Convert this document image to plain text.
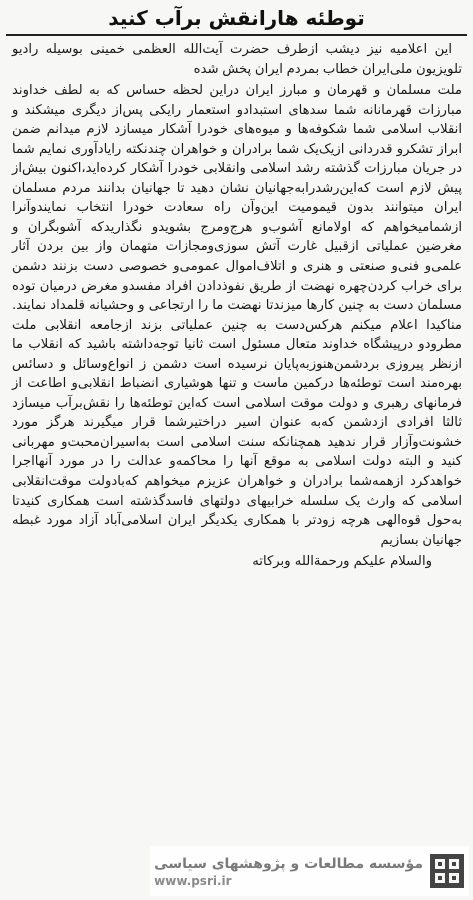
توطئه هارانقش برآب کنید

این اعلامیه نیز دیشب ازطرف حضرت آیت‌الله العظمی خمینی بوسیله رادیو تلویزیون ملی‌ایران خطاب بمردم ایران پخش شده

ملت مسلمان و قهرمان و مبارز ایران دراین لحظه حساس که به لطف خداوند مبارزات قهرمانانه شما سدهای استبدادو استعمار رایکی پس‌از دیگری میشکند و انقلاب اسلامی شما شکوفه‌ها و میوه‌های خودرا آشکار میسازد لازم میدانم ضمن ابراز تشکرو قدردانی ازیک‌یک شما برادران و خواهران چندنکته رایادآوری نمایم شما در جریان مبارزات گذشته رشد اسلامی وانقلابی خودرا آشکار کرده‌اید،اکنون بیش‌از پیش لازم است که‌این‌رشدرابه‌جهانیان نشان دهید تا جهانیان بدانند مردم مسلمان ایران میتوانند بدون قیمومیت این‌وآن راه سعادت خودرا انتخاب نمایندوآنرا ازشمامیخواهم که اولامانع آشوب‌و هرج‌ومرج بشوید‌و نگذاریدکه آشوبگران و مغرضین عملیاتی ازقبیل غارت آتش سوزی‌ومجازات متهمان واز بین بردن آثار علمی‌و فنی‌و صنعتی و هنری و اتلاف‌اموال عمومی‌و خصوصی دست بزنند دشمن برای خراب کردن‌چهره نهضت از طریق نفوذدادن افراد مفسدو مغرض درمیان توده مسلمان دست به چنین کارها میزندتا نهضت ما را ارتجاعی و وحشیانه قلمداد نمایند. مناکیدا اعلام میکنم هرکس‌دست به چنین عملیاتی بزند ازجامعه انقلابی ملت مطرودو درپیشگاه خداوند متعال مسئول است ثانیا توجه‌داشته باشید که انقلاب ما ازنظر پیروزی بردشمن‌هنوزبه‌پایان نرسیده است دشمن ز انواع‌وسائل و دسائس بهره‌مند است توطئه‌ها درکمین ماست و تنها هوشیاری انضباط انقلابی‌و اطاعت از فرمانهای رهبری و دولت موقت اسلامی است که‌این توطئه‌ها را نقش‌برآب میسازد ثالثا افرادی ازدشمن که‌به عنوان اسیر در‌اختیر‌شما قرار میگیرند هرگز مورد خشونت‌وآزار قرار ندهید همچنانکه سنت اسلامی است به‌اسیران‌محبت‌و مهربانی کنید و البته دولت اسلامی به موقع آنها را محاکمه‌و عدالت را در مورد آنهااجرا خواهدکرد ازهمه‌شما برادران و خواهران عزیزم میخواهم که‌بادولت موقت‌انقلابی اسلامی که وارث یک سلسله خرابیهای دولتهای فاسدگذشته است همکاری کنیدتا به‌حول قوه‌الهی هرچه زودتر با همکاری یکدیگر ایران اسلامی‌آباد آزاد مورد غبطه جهانیان بسازیم

والسلام علیکم ورحمةالله وبرکاته

مؤسسه مطالعات و پژوهشهای سیاسی
www.psri.ir
